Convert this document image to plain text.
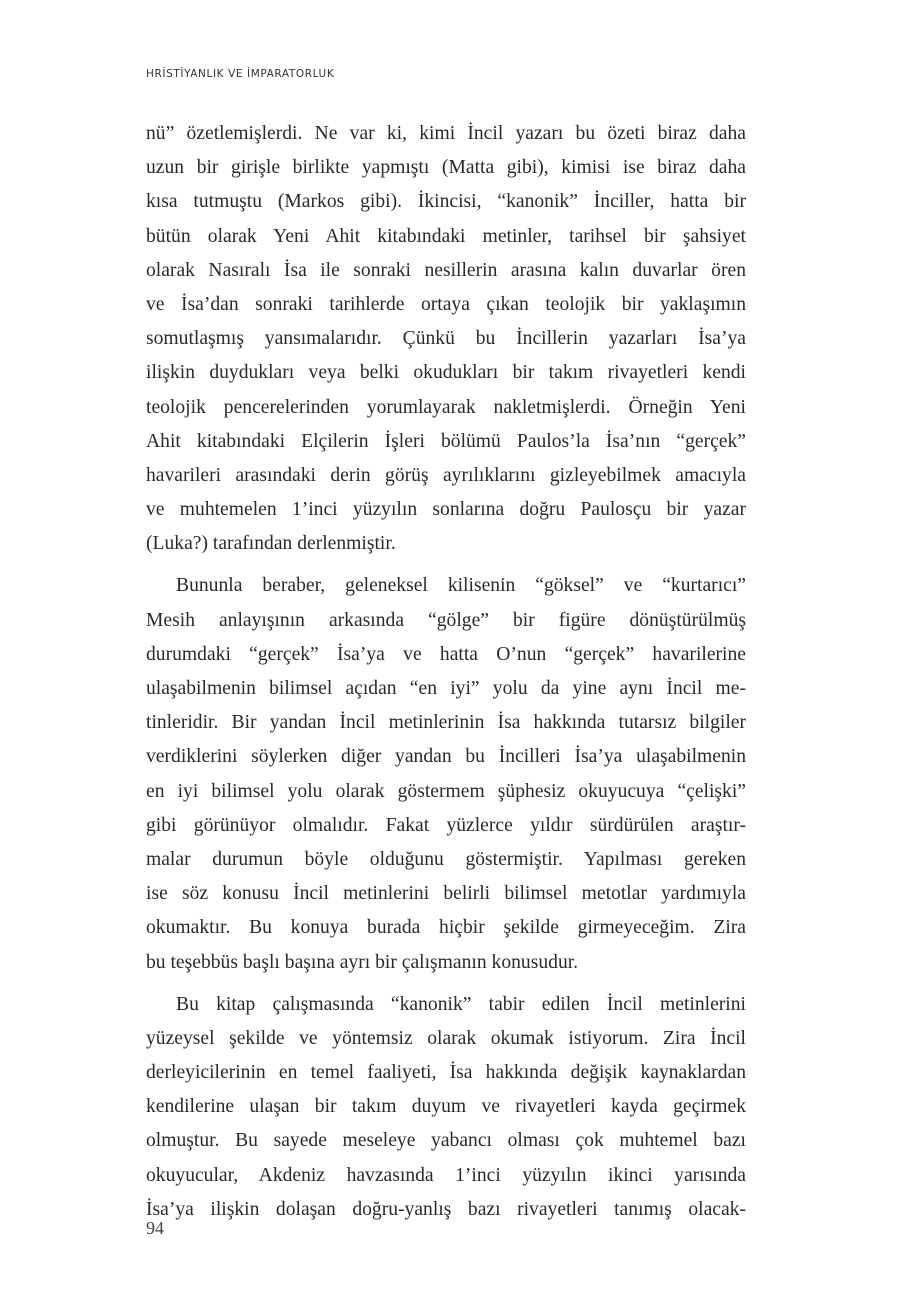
HRİSTİYANLIK VE İMPARATORLUK

nü” özetlemişlerdi. Ne var ki, kimi İncil yazarı bu özeti biraz daha
uzun bir girişle birlikte yapmıştı (Matta gibi), kimisi ise biraz daha
kısa tutmuştu (Markos gibi). İkincisi, “kanonik” İnciller, hatta bir
bütün olarak Yeni Ahit kitabındaki metinler, tarihsel bir şahsiyet
olarak Nasıralı İsa ile sonraki nesillerin arasına kalın duvarlar ören
ve İsa’dan sonraki tarihlerde ortaya çıkan teolojik bir yaklaşımın
somutlaşmış yansımalarıdır. Çünkü bu İncillerin yazarları İsa’ya
ilişkin duydukları veya belki okudukları bir takım rivayetleri kendi
teolojik pencerelerinden yorumlayarak nakletmişlerdi. Örneğin Yeni
Ahit kitabındaki Elçilerin İşleri bölümü Paulos’la İsa’nın “gerçek”
havarileri arasındaki derin görüş ayrılıklarını gizleyebilmek amacıyla
ve muhtemelen 1’inci yüzyılın sonlarına doğru Paulosçu bir yazar
(Luka?) tarafından derlenmiştir.

Bununla beraber, geleneksel kilisenin “göksel” ve “kurtarıcı”
Mesih anlayışının arkasında “gölge” bir figüre dönüştürülmüş
durumdaki “gerçek” İsa’ya ve hatta O’nun “gerçek” havarilerine
ulaşabilmenin bilimsel açıdan “en iyi” yolu da yine aynı İncil me-
tinleridir. Bir yandan İncil metinlerinin İsa hakkında tutarsız bilgiler
verdiklerini söylerken diğer yandan bu İncilleri İsa’ya ulaşabilmenin
en iyi bilimsel yolu olarak göstermem şüphesiz okuyucuya “çelişki”
gibi görünüyor olmalıdır. Fakat yüzlerce yıldır sürdürülen araştır-
malar durumun böyle olduğunu göstermiştir. Yapılması gereken
ise söz konusu İncil metinlerini belirli bilimsel metotlar yardımıyla
okumaktır. Bu konuya burada hiçbir şekilde girmeyeceğim. Zira
bu teşebbüs başlı başına ayrı bir çalışmanın konusudur.

Bu kitap çalışmasında “kanonik” tabir edilen İncil metinlerini
yüzeysel şekilde ve yöntemsiz olarak okumak istiyorum. Zira İncil
derleyicilerinin en temel faaliyeti, İsa hakkında değişik kaynaklardan
kendilerine ulaşan bir takım duyum ve rivayetleri kayda geçirmek
olmuştur. Bu sayede meseleye yabancı olması çok muhtemel bazı
okuyucular, Akdeniz havzasında 1’inci yüzyılın ikinci yarısında
İsa’ya ilişkin dolaşan doğru-yanlış bazı rivayetleri tanımış olacak-

94
